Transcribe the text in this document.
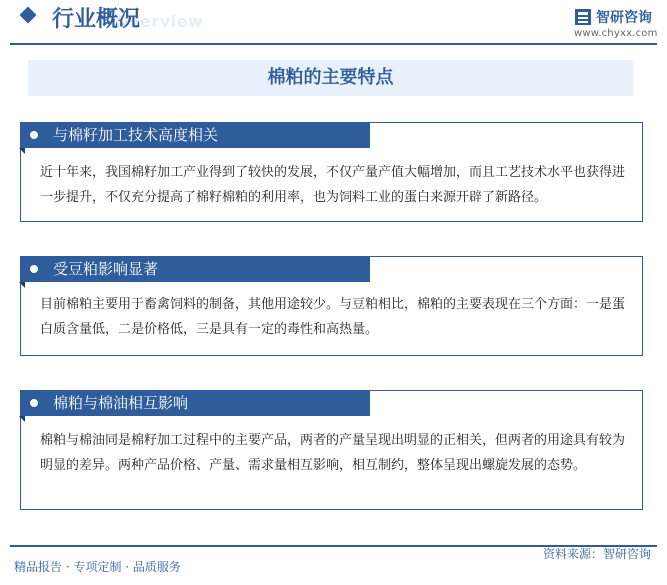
Overview
行业概况	智研咨询
www.chyxx.com
棉粕的主要特点
与棉籽加工技术高度相关
近十年来，我国棉籽加工产业得到了较快的发展，不仅产量产值大幅增加，而且工艺技术水平也获得进一步提升，不仅充分提高了棉籽棉粕的利用率，也为饲料工业的蛋白来源开辟了新路径。
受豆粕影响显著
目前棉粕主要用于畜禽饲料的制备，其他用途较少。与豆粕相比，棉粕的主要表现在三个方面：一是蛋白质含量低，二是价格低，三是具有一定的毒性和高热量。
棉粕与棉油相互影响
棉粕与棉油同是棉籽加工过程中的主要产品，两者的产量呈现出明显的正相关，但两者的用途具有较为明显的差异。两种产品价格、产量、需求量相互影响，相互制约，整体呈现出螺旋发展的态势。
资料来源：智研咨询
精品报告 · 专项定制 · 品质服务
